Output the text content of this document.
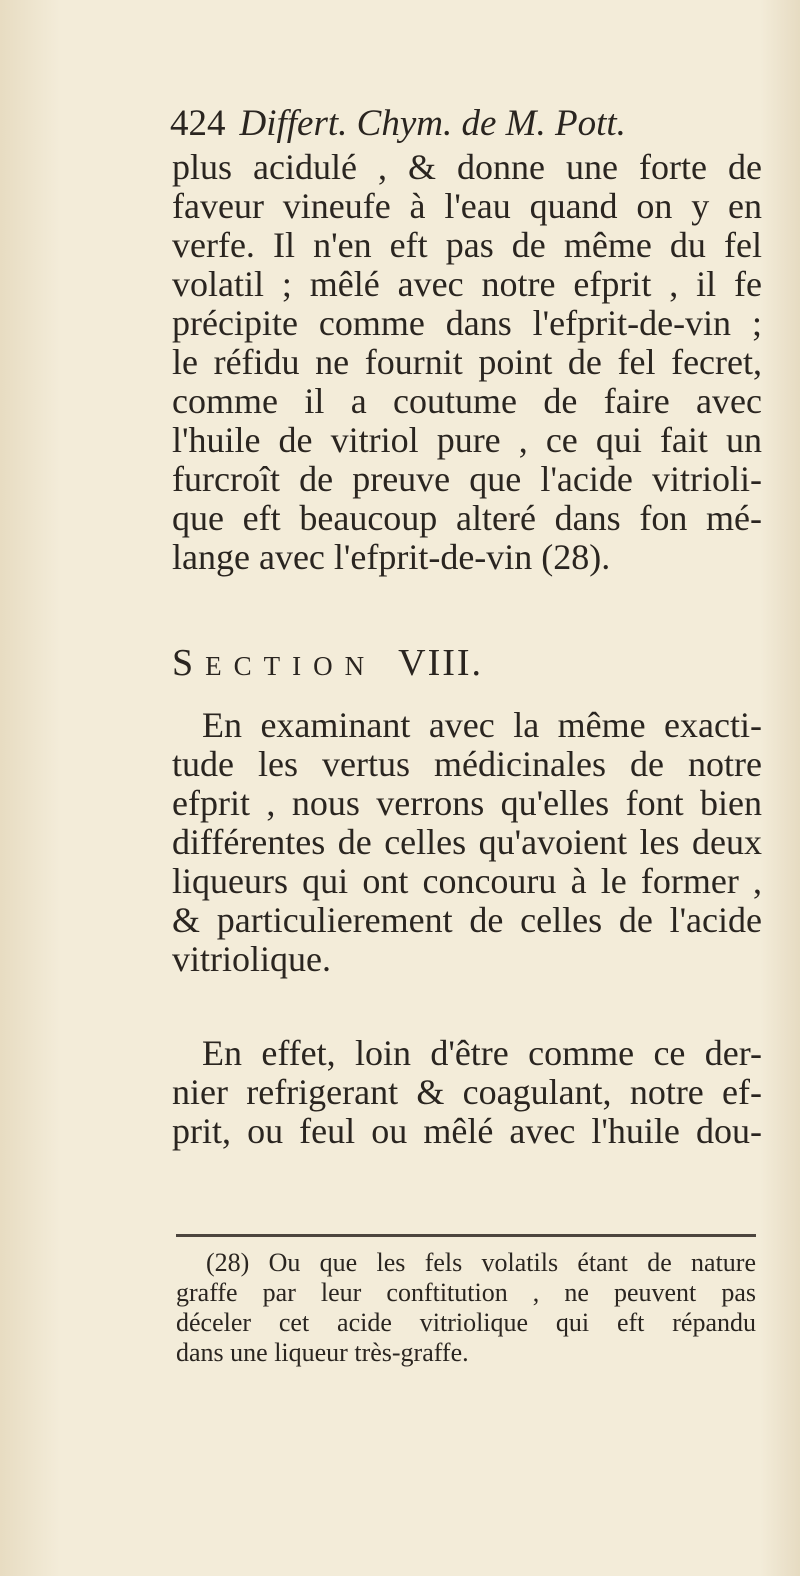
424 Differt. Chym. de M. Pott.
plus acidulé , & donne une forte de
faveur vineufe à l'eau quand on y en
verfe. Il n'en eft pas de même du fel
volatil ; mêlé avec notre efprit , il fe
précipite comme dans l'efprit-de-vin ;
le réfidu ne fournit point de fel fecret,
comme il a coutume de faire avec
l'huile de vitriol pure , ce qui fait un
furcroît de preuve que l'acide vitrioli-
que eft beaucoup alteré dans fon mé-
lange avec l'efprit-de-vin (28).
Section VIII.
En examinant avec la même exacti-
tude les vertus médicinales de notre
efprit , nous verrons qu'elles font bien
différentes de celles qu'avoient les deux
liqueurs qui ont concouru à le former ,
& particulierement de celles de l'acide
vitriolique.
En effet, loin d'être comme ce der-
nier refrigerant & coagulant, notre ef-
prit, ou feul ou mêlé avec l'huile dou-
(28) Ou que les fels volatils étant de nature
graffe par leur conftitution , ne peuvent pas
déceler cet acide vitriolique qui eft répandu
dans une liqueur très-graffe.
